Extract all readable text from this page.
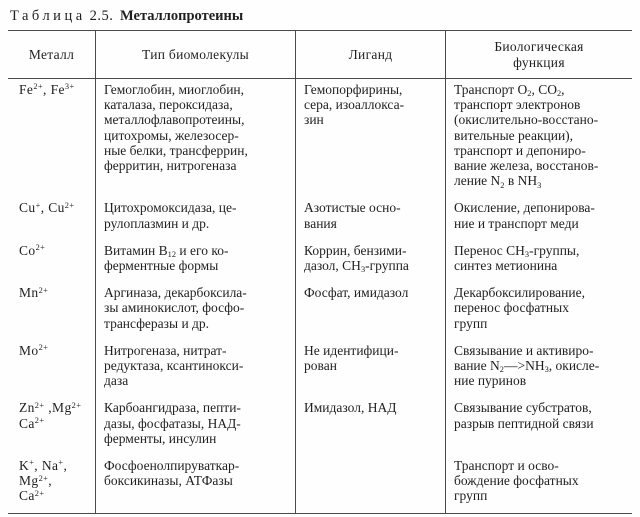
Таблица 2.5. Металлопротеины
Металл	Тип биомолекулы	Лиганд	Биологическая
функция
$Fe^{2+}$, $Fe^{3+}$	Гемоглобин, миоглобин,
каталаза, пероксидаза,
металлофлавопротеины,
цитохромы, железосер-
ные белки, трансферрин,
ферритин, нитрогеназа	Гемопорфирины,
сера, изоаллокса-
зин	Транспорт $O_2$, $CO_2$,
транспорт электронов
(окислительно-восстано-
вительные реакции),
транспорт и депониро-
вание железа, восстанов-
ление $N_2$ в $NH_3$
Cu+, $Cu^{2+}$	Цитохромоксидаза, це-
рулоплазмин и др.	Азотистые осно-
вания	Окисление, депонирова-
ние и транспорт меди
$Co^{2+}$	Витамин $B_{12}$ и его ко-
ферментные формы	Коррин, бензими-
дазол, $CH_3$-группа	Перенос $CH_3$-группы,
синтез метионина
$Mn^{2+}$	Аргиназа, декарбоксила-
зы аминокислот, фосфо-
трансферазы и др.	Фосфат, имидазол	Декарбоксилирование,
перенос фосфатных
групп
$Mo^{2+}$	Нитрогеназа, нитрат-
редуктаза, ксантинокси-
даза	Не идентифици-
рован	Связывание и активиро-
вание $N_2—>NH_3$, окисле-
ние пуринов
$Zn^{2+}$ $,Mg^{2+}$
$Ca^{2+}$	Карбоангидраза, пепти-
дазы, фосфатазы, НАД-
ферменты, инсулин	Имидазол, НАД	Связывание субстратов,
разрыв пептидной связи
K+, Na+,
$Mg^{2+}$,
$Ca^{2+}$	Фосфоенолпируваткар-
боксикиназы, АТФазы		Транспорт и осво-
бождение фосфатных
групп
